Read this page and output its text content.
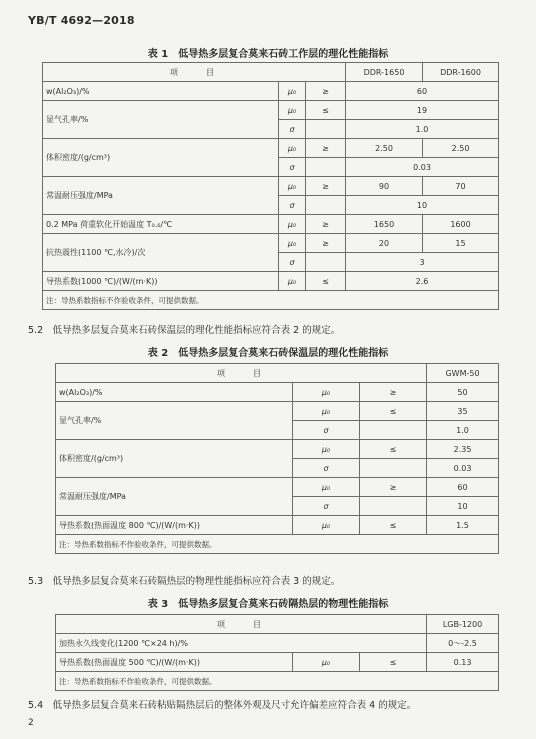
YB/T 4692—2018
表 1　低导热多层复合莫来石砖工作层的理化性能指标
项　　目			DDR-1650	DDR-1600
w(Al₂O₃)/%	μ₀	≥	60	
显气孔率/%	μ₀	≤	19	
	σ		1.0	
体积密度/(g/cm³)	μ₀	≥	2.50	2.50
	σ		0.03	
常温耐压强度/MPa	μ₀	≥	90	70
	σ		10	
0.2 MPa 荷重软化开始温度 T₀.₆/℃	μ₀	≥	1650	1600
抗热震性(1100 ℃,水冷)/次	μ₀	≥	20	15
	σ		3	
导热系数(1000 ℃)/(W/(m·K))	μ₀	≤	2.6	
注：导热系数指标不作验收条件，可提供数据。				
5.2　低导热多层复合莫来石砖保温层的理化性能指标应符合表 2 的规定。
表 2　低导热多层复合莫来石砖保温层的理化性能指标
项　　目			GWM-50
w(Al₂O₃)/%	μ₀	≥	50
显气孔率/%	μ₀	≤	35
	σ		1.0
体积密度/(g/cm³)	μ₀	≤	2.35
	σ		0.03
常温耐压强度/MPa	μ₀	≥	60
	σ		10
导热系数(热面温度 800 ℃)/(W/(m·K))	μ₀	≤	1.5
注：导热系数指标不作验收条件，可提供数据。			
5.3　低导热多层复合莫来石砖隔热层的物理性能指标应符合表 3 的规定。
表 3　低导热多层复合莫来石砖隔热层的物理性能指标
项　　目			LGB-1200
加热永久线变化(1200 ℃×24 h)/%			0～-2.5
导热系数(热面温度 500 ℃)/(W/(m·K))	μ₀	≤	0.13
注：导热系数指标不作验收条件，可提供数据。			
5.4　低导热多层复合莫来石砖粘贴隔热层后的整体外观及尺寸允许偏差应符合表 4 的规定。
2
